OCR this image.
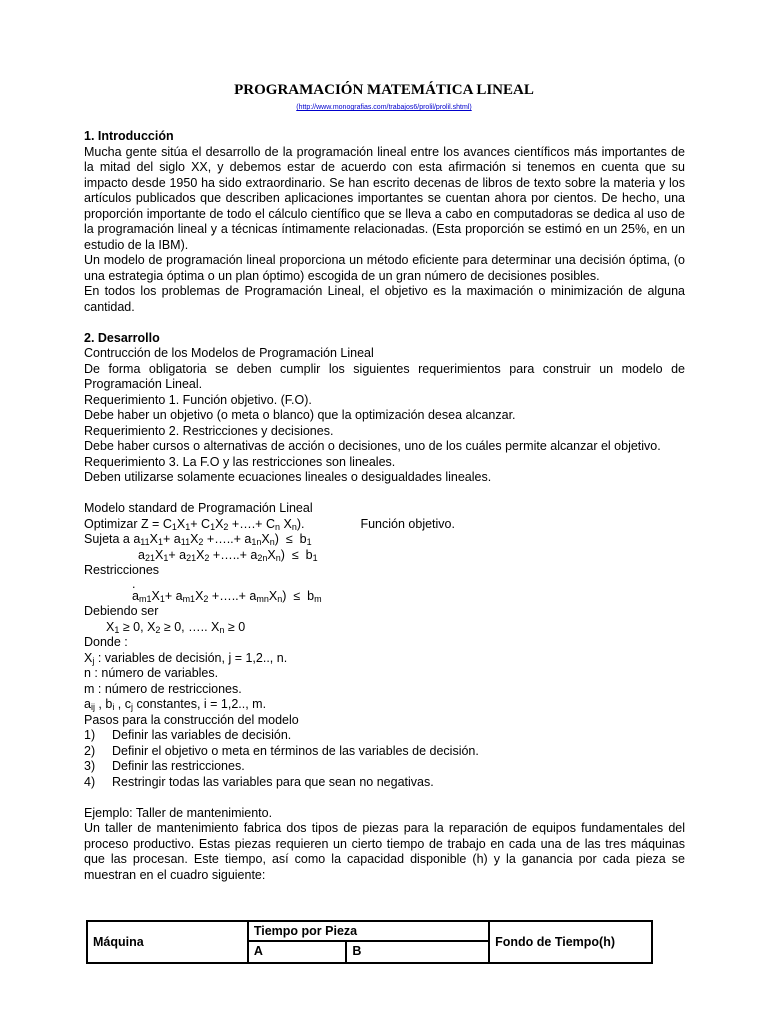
PROGRAMACIÓN MATEMÁTICA LINEAL
(http://www.monografias.com/trabajos6/prolil/prolil.shtml)

1. Introducción

Mucha gente sitúa el desarrollo de la programación lineal entre los avances científicos más importantes de la mitad del siglo XX, y debemos estar de acuerdo con esta afirmación si tenemos en cuenta que su impacto desde 1950 ha sido extraordinario. Se han escrito decenas de libros de texto sobre la materia y los artículos publicados que describen aplicaciones importantes se cuentan ahora por cientos. De hecho, una proporción importante de todo el cálculo científico que se lleva a cabo en computadoras se dedica al uso de la programación lineal y a técnicas íntimamente relacionadas. (Esta proporción se estimó en un 25%, en un estudio de la IBM).

Un modelo de programación lineal proporciona un método eficiente para determinar una decisión óptima, (o una estrategia óptima o un plan óptimo) escogida de un gran número de decisiones posibles.

En todos los problemas de Programación Lineal, el objetivo es la maximación o minimización de alguna cantidad.

2. Desarrollo

Contrucción de los Modelos de Programación Lineal

De forma obligatoria se deben cumplir los siguientes requerimientos para construir un modelo de Programación Lineal.

Requerimiento 1. Función objetivo. (F.O).

Debe haber un objetivo (o meta o blanco) que la optimización desea alcanzar.

Requerimiento 2. Restricciones y decisiones.

Debe haber cursos o alternativas de acción o decisiones, uno de los cuáles permite alcanzar el objetivo.

Requerimiento 3. La F.O y las restricciones son lineales.

Deben utilizarse solamente ecuaciones lineales o desigualdades lineales.

Modelo standard de Programación Lineal

Optimizar $Z = C_1X_1+ C_1X_2$ +….+ $C_n$ $X_n$).	Función objetivo.

Sujeta a $a_{11}X_1+ a_{11}X_2$ +…..+ $a_{1n}X_n) \le b_1$

$a_{21}X_1+ a_{21}X_2$ +…..+ $a_{2n}X_n) \le b_1$

Restricciones

.

$a_{m1}X_1+ a_{m1}X_2$ +…..+ $a_{mn}X_n) \le b_m$

Debiendo ser

$X_1 \ge 0$, $X_2 \ge 0$, ….. $X_n \ge 0$

Donde :

$X_j$ : variables de decisión, j = 1,2.., n.

n : número de variables.

m : número de restricciones.

$a_{ij}$ , $b_i$ , $c_j$ constantes, i = 1,2.., m.

Pasos para la construcción del modelo

1) Definir las variables de decisión.
2) Definir el objetivo o meta en términos de las variables de decisión.
3) Definir las restricciones.
4) Restringir todas las variables para que sean no negativas.

Ejemplo: Taller de mantenimiento.

Un taller de mantenimiento fabrica dos tipos de piezas para la reparación de equipos fundamentales del proceso productivo. Estas piezas requieren un cierto tiempo de trabajo en cada una de las tres máquinas que las procesan. Este tiempo, así como la capacidad disponible (h) y la ganancia por cada pieza se muestran en el cuadro siguiente:

Máquina	Tiempo por Pieza		Fondo de Tiempo(h)
	A	B	
